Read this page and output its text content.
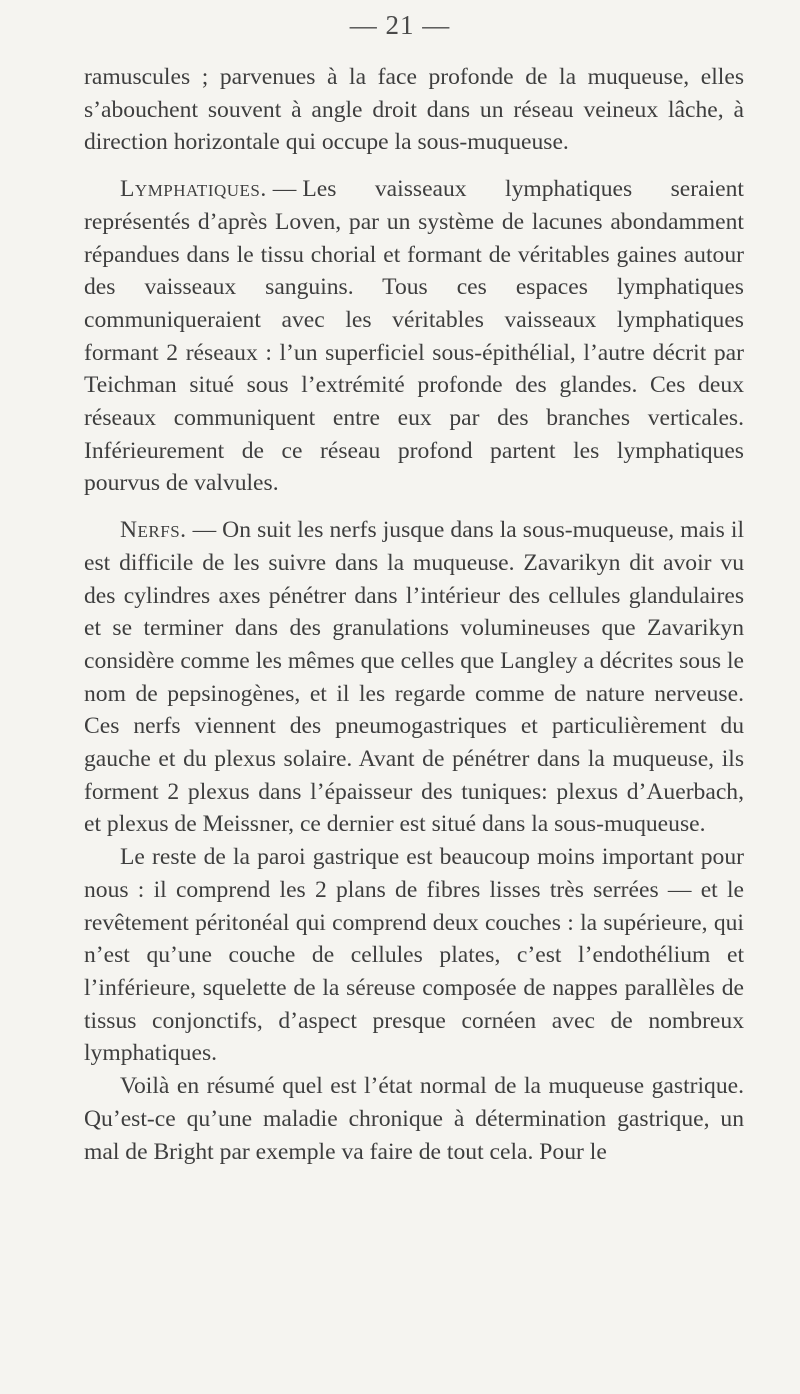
— 21 —

ramuscules ; parvenues à la face profonde de la muqueuse, elles s’abouchent souvent à angle droit dans un réseau veineux lâche, à direction horizontale qui occupe la sous-muqueuse.

Lymphatiques. — Les vaisseaux lymphatiques seraient représentés d’après Loven, par un système de lacunes abondamment répandues dans le tissu chorial et formant de véritables gaines autour des vaisseaux sanguins. Tous ces espaces lymphatiques communiqueraient avec les véritables vaisseaux lymphatiques formant 2 réseaux : l’un superficiel sous-épithélial, l’autre décrit par Teichman situé sous l’extrémité profonde des glandes. Ces deux réseaux communiquent entre eux par des branches verticales. Inférieurement de ce réseau profond partent les lymphatiques pourvus de valvules.

Nerfs. — On suit les nerfs jusque dans la sous-muqueuse, mais il est difficile de les suivre dans la muqueuse. Zavarikyn dit avoir vu des cylindres axes pénétrer dans l’intérieur des cellules glandulaires et se terminer dans des granulations volumineuses que Zavarikyn considère comme les mêmes que celles que Langley a décrites sous le nom de pepsinogènes, et il les regarde comme de nature nerveuse. Ces nerfs viennent des pneumogastriques et particulièrement du gauche et du plexus solaire. Avant de pénétrer dans la muqueuse, ils forment 2 plexus dans l’épaisseur des tuniques: plexus d’Auerbach, et plexus de Meissner, ce dernier est situé dans la sous-muqueuse.

Le reste de la paroi gastrique est beaucoup moins important pour nous : il comprend les 2 plans de fibres lisses très serrées — et le revêtement péritonéal qui comprend deux couches : la supérieure, qui n’est qu’une couche de cellules plates, c’est l’endothélium et l’inférieure, squelette de la séreuse composée de nappes parallèles de tissus conjonctifs, d’aspect presque cornéen avec de nombreux lymphatiques.

Voilà en résumé quel est l’état normal de la muqueuse gastrique. Qu’est-ce qu’une maladie chronique à détermination gastrique, un mal de Bright par exemple va faire de tout cela. Pour le
